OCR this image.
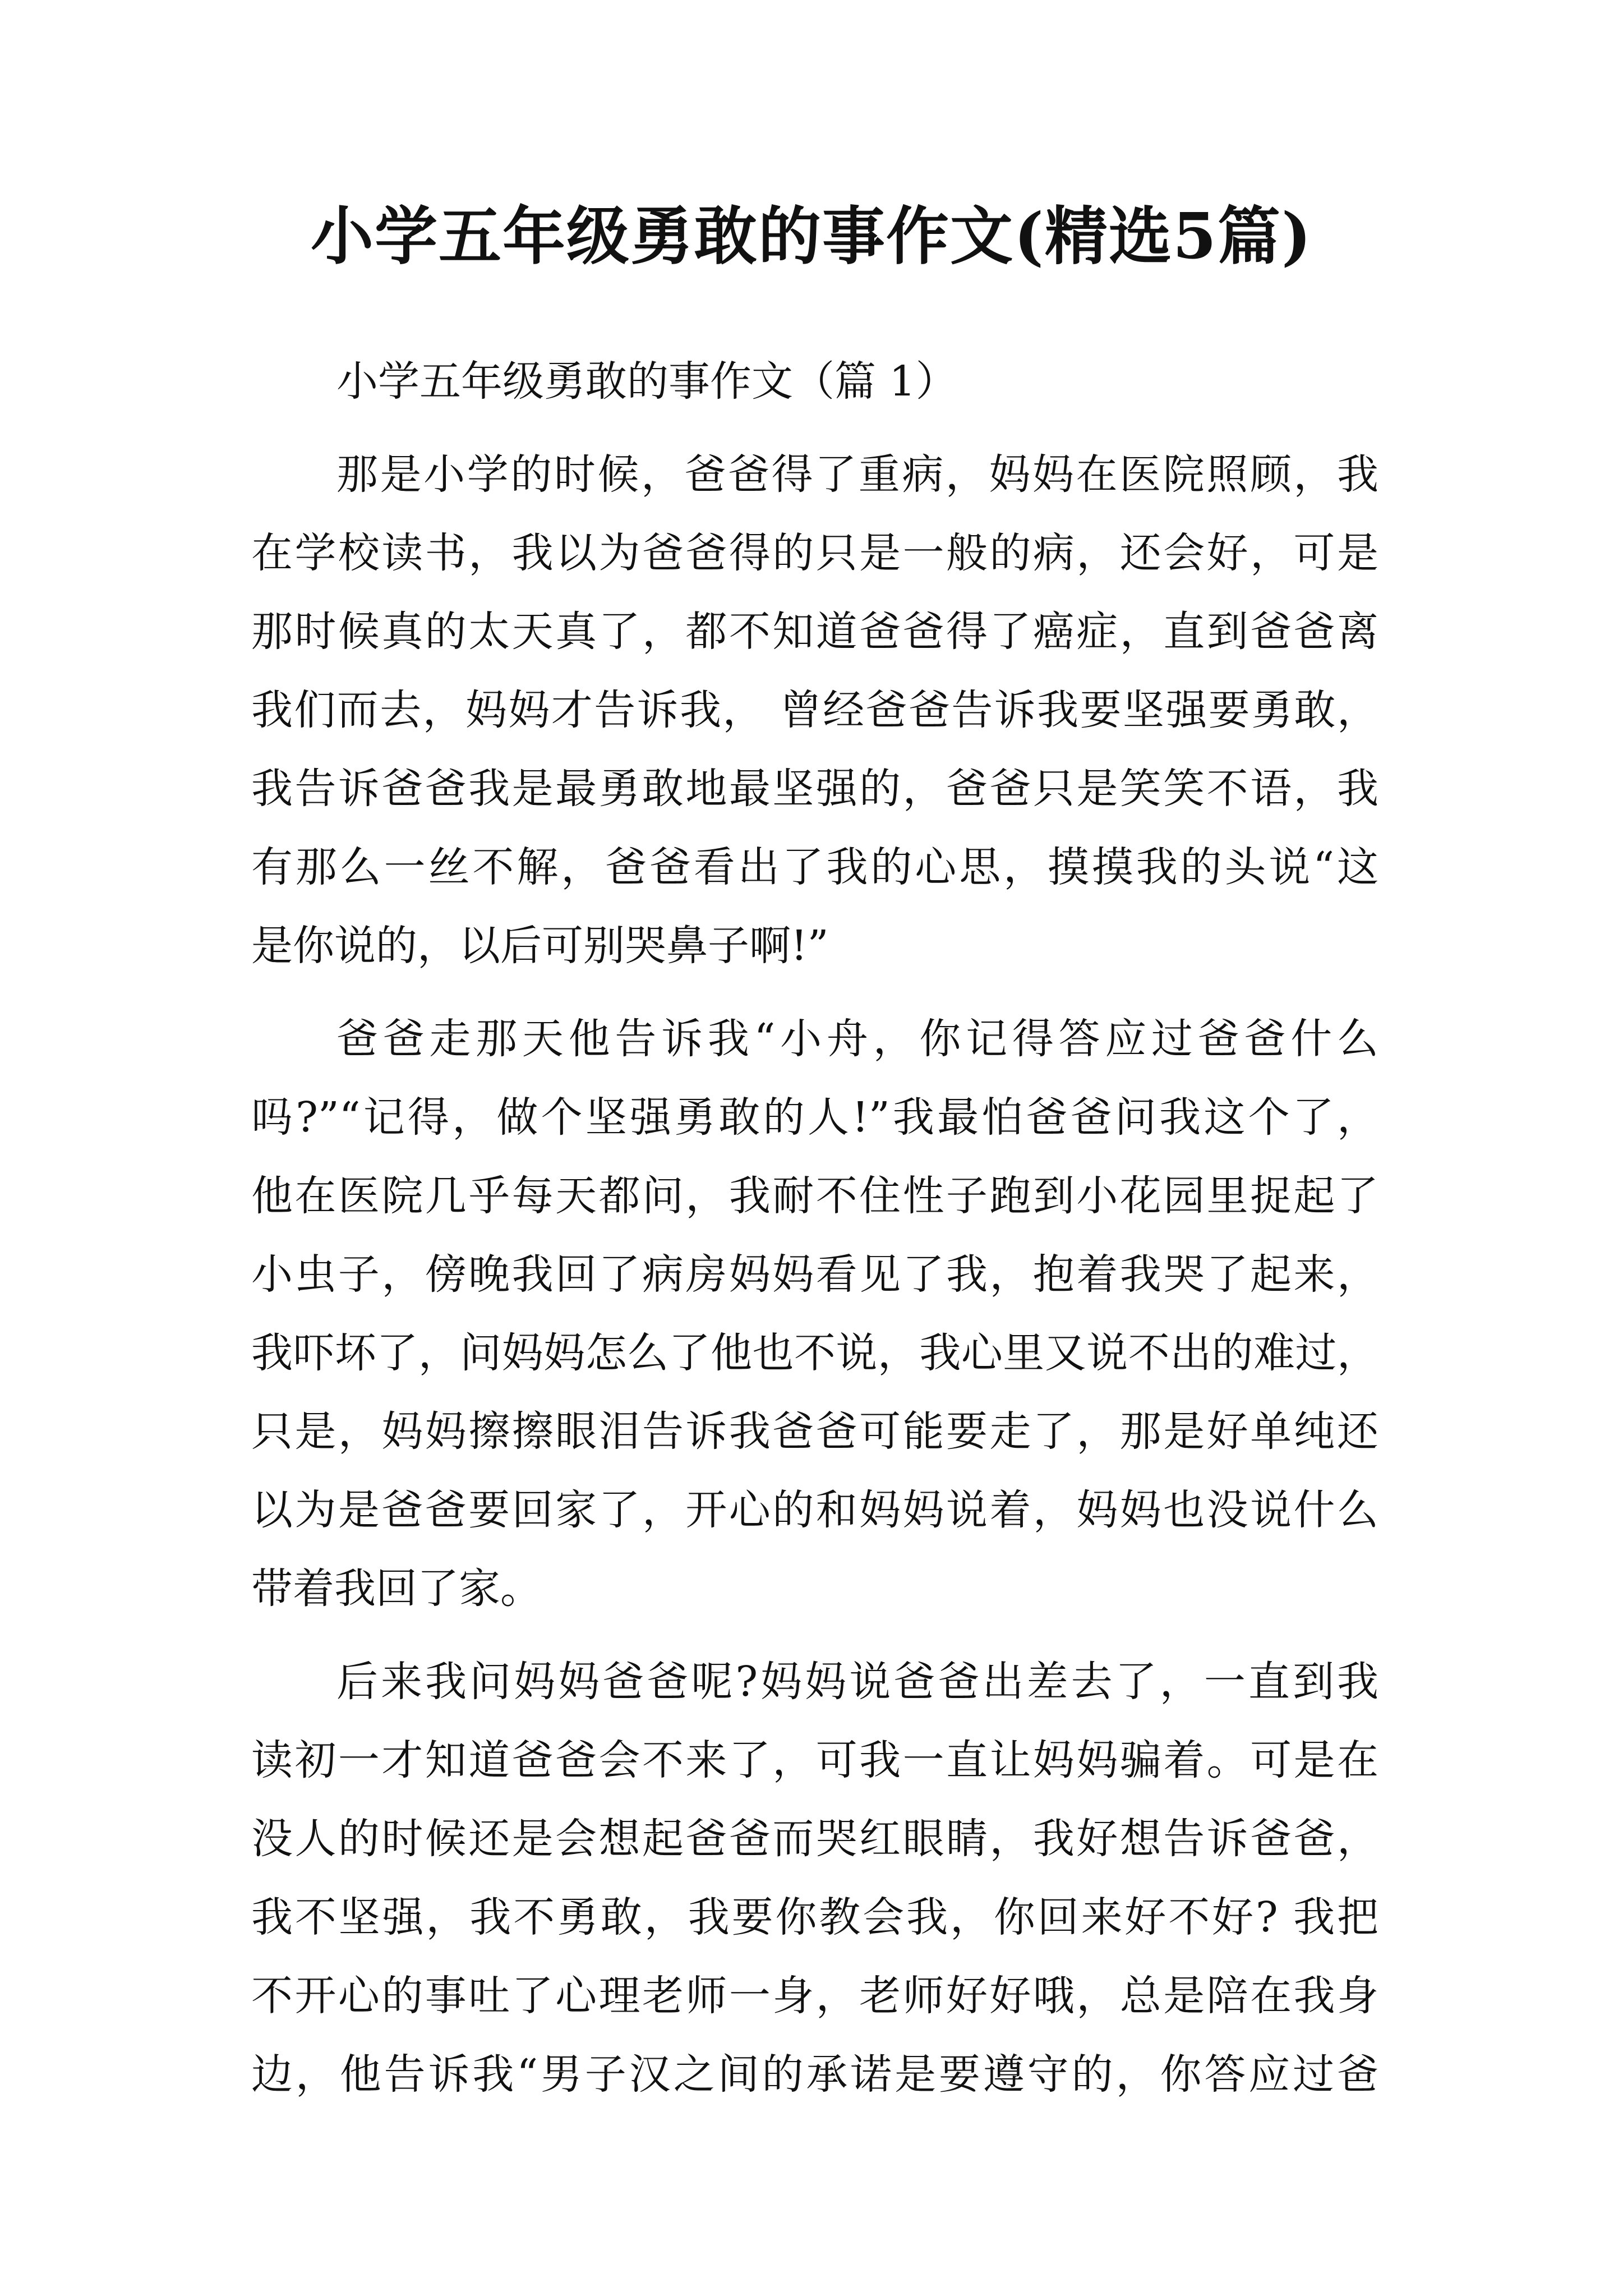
小学五年级勇敢的事作文(精选5篇)
小学五年级勇敢的事作文（篇 1）
那是小学的时候，爸爸得了重病，妈妈在医院照顾，我
在学校读书，我以为爸爸得的只是一般的病，还会好，可是
那时候真的太天真了，都不知道爸爸得了癌症，直到爸爸离
我们而去，妈妈才告诉我， 曾经爸爸告诉我要坚强要勇敢，
我告诉爸爸我是最勇敢地最坚强的，爸爸只是笑笑不语，我
有那么一丝不解，爸爸看出了我的心思，摸摸我的头说“这
是你说的，以后可别哭鼻子啊!”
爸爸走那天他告诉我“小舟，你记得答应过爸爸什么
吗?”“记得，做个坚强勇敢的人!”我最怕爸爸问我这个了，
他在医院几乎每天都问，我耐不住性子跑到小花园里捉起了
小虫子，傍晚我回了病房妈妈看见了我，抱着我哭了起来，
我吓坏了，问妈妈怎么了他也不说，我心里又说不出的难过，
只是，妈妈擦擦眼泪告诉我爸爸可能要走了，那是好单纯还
以为是爸爸要回家了，开心的和妈妈说着，妈妈也没说什么
带着我回了家。
后来我问妈妈爸爸呢?妈妈说爸爸出差去了，一直到我
读初一才知道爸爸会不来了，可我一直让妈妈骗着。可是在
没人的时候还是会想起爸爸而哭红眼睛，我好想告诉爸爸，
我不坚强，我不勇敢，我要你教会我，你回来好不好? 我把
不开心的事吐了心理老师一身，老师好好哦，总是陪在我身
边，他告诉我“男子汉之间的承诺是要遵守的，你答应过爸
